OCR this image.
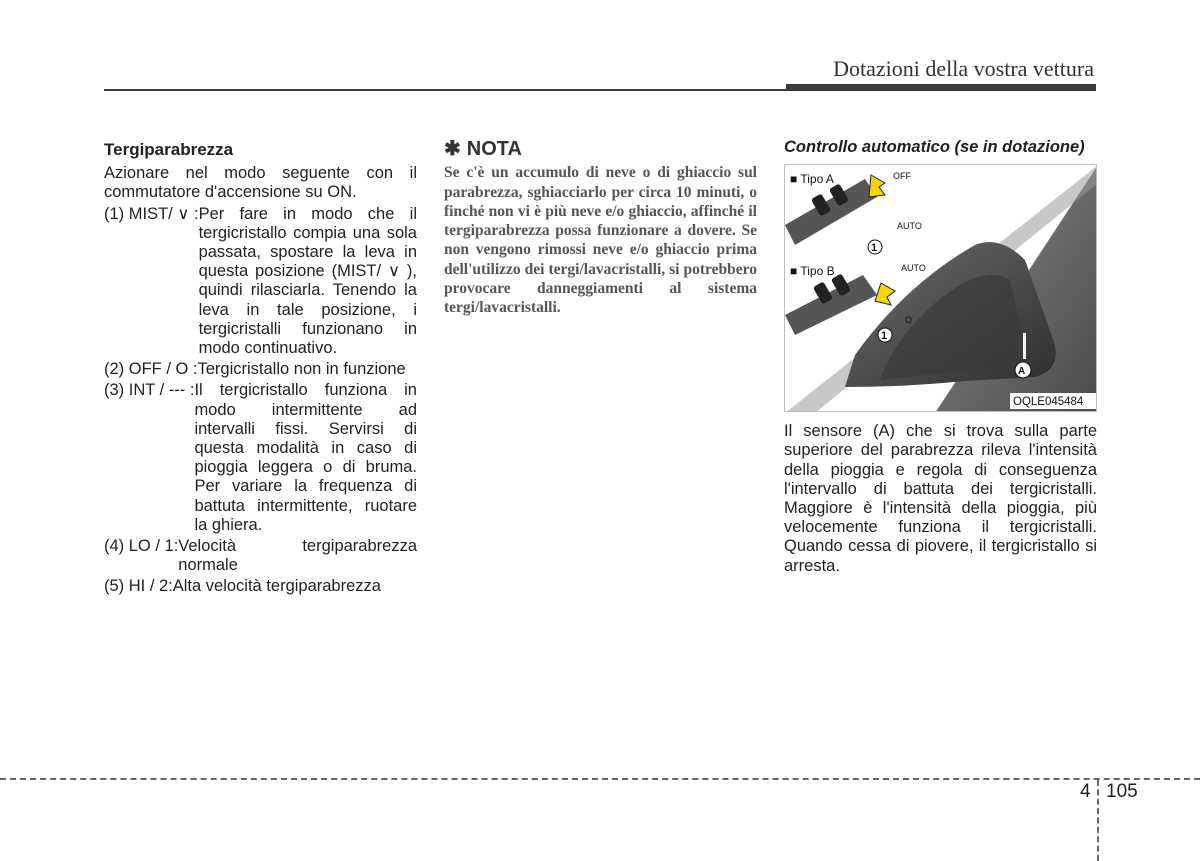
Dotazioni della vostra vettura
Tergiparabrezza
Azionare nel modo seguente con il commutatore d'accensione su ON.
(1) MIST/ ∨ : Per fare in modo che il tergicristallo compia una sola passata, spostare la leva in questa posizione (MIST/ ∨ ), quindi rilasciarla. Tenendo la leva in tale posizione, i tergicristalli funzionano in modo continuativo.
(2) OFF / O : Tergicristallo non in funzione
(3) INT / --- : Il tergicristallo funziona in modo intermittente ad intervalli fissi. Servirsi di questa modalità in caso di pioggia leggera o di bruma. Per variare la frequenza di battuta intermittente, ruotare la ghiera.
(4) LO / 1: Velocità tergiparabrezza normale
(5) HI / 2: Alta velocità tergiparabrezza
✱ NOTA
Se c'è un accumulo di neve o di ghiaccio sul parabrezza, sghiacciarlo per circa 10 minuti, o finché non vi è più neve e/o ghiaccio, affinché il tergiparabrezza possa funzionare a dovere. Se non vengono rimossi neve e/o ghiaccio prima dell'utilizzo dei tergi/lavacristalli, si potrebbero provocare danneggiamenti al sistema tergi/lavacristalli.
Controllo automatico (se in dotazione)
■ Tipo A	OFF
AUTO
1
■ Tipo B	AUTO
O
1
A
OQLE045484
Il sensore (A) che si trova sulla parte superiore del parabrezza rileva l'intensità della pioggia e regola di conseguenza l'intervallo di battuta dei tergicristalli. Maggiore è l'intensità della pioggia, più velocemente funziona il tergicristalli. Quando cessa di piovere, il tergicristallo si arresta.
4 105
